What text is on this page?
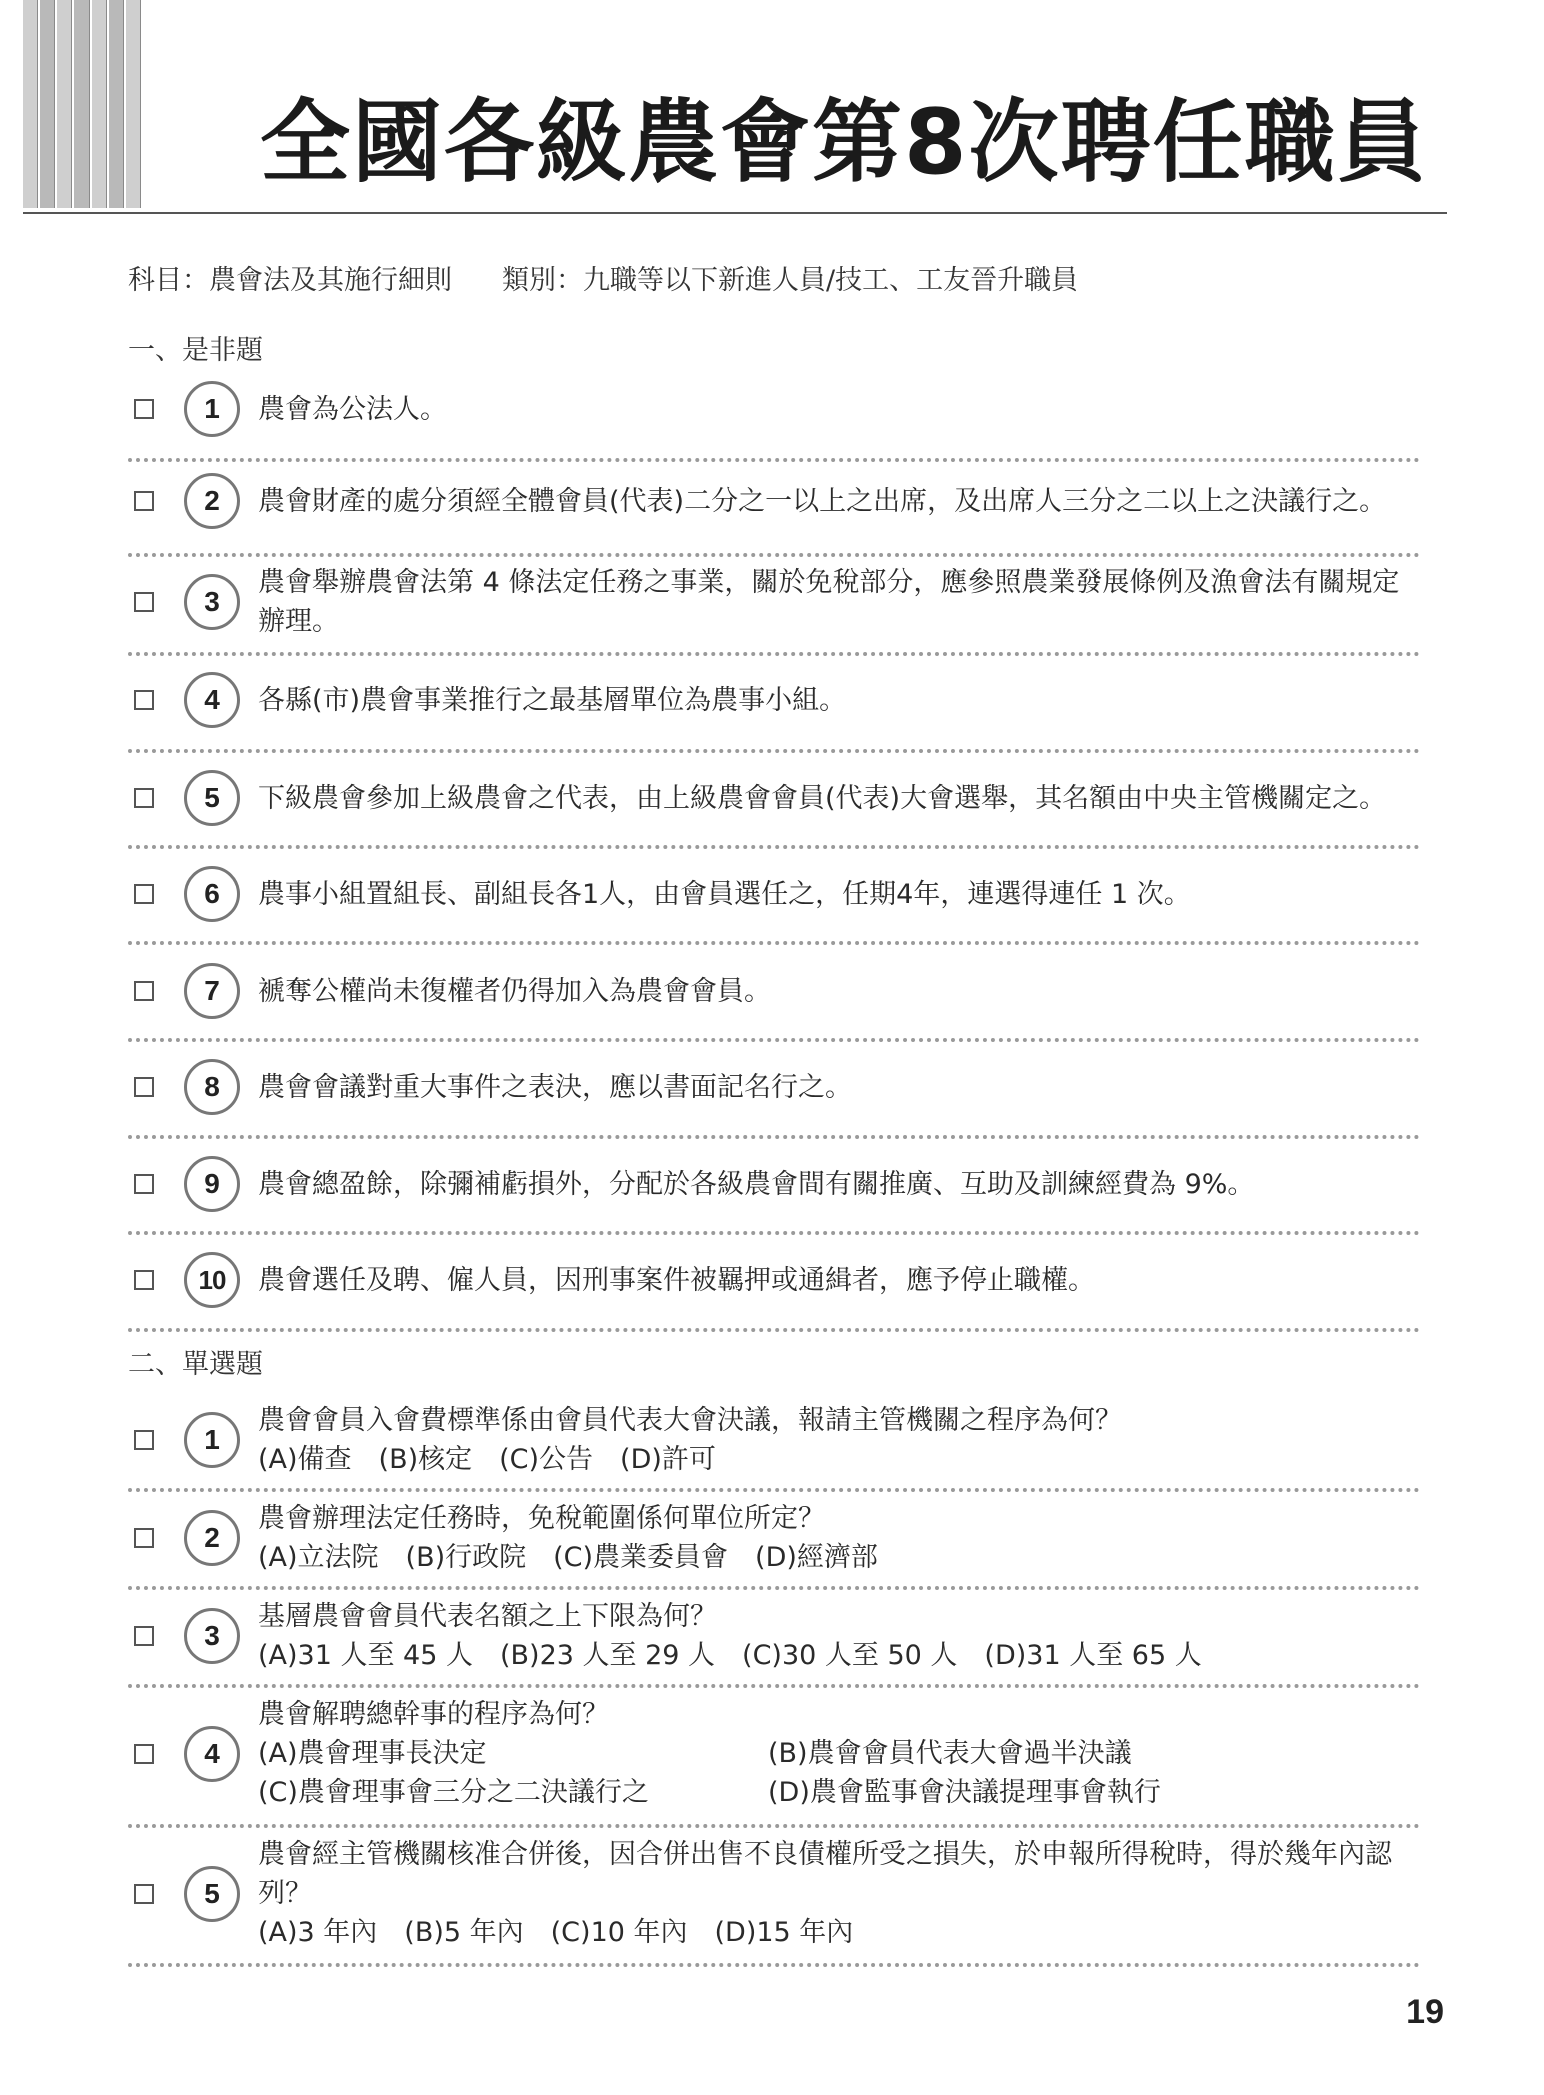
全國各級農會第8次聘任職員
科目：農會法及其施行細則 類別：九職等以下新進人員/技工、工友晉升職員
一、是非題
1	農會為公法人。
2	農會財產的處分須經全體會員(代表)二分之一以上之出席，及出席人三分之二以上之決議行之。
3
農會舉辦農會法第 4 條法定任務之事業，關於免稅部分，應參照農業發展條例及漁會法有關規定辦理。
4	各縣(市)農會事業推行之最基層單位為農事小組。
5	下級農會參加上級農會之代表，由上級農會會員(代表)大會選舉，其名額由中央主管機關定之。
6	農事小組置組長、副組長各1人，由會員選任之，任期4年，連選得連任 1 次。
7	褫奪公權尚未復權者仍得加入為農會會員。
8	農會會議對重大事件之表決，應以書面記名行之。
9	農會總盈餘，除彌補虧損外，分配於各級農會間有關推廣、互助及訓練經費為 9%。
10	農會選任及聘、僱人員，因刑事案件被羈押或通緝者，應予停止職權。
二、單選題
1
農會會員入會費標準係由會員代表大會決議，報請主管機關之程序為何？
(A)備查　(B)核定　(C)公告　(D)許可
2
農會辦理法定任務時，免稅範圍係何單位所定？
(A)立法院　(B)行政院　(C)農業委員會　(D)經濟部
3
基層農會會員代表名額之上下限為何？
(A)31 人至 45 人　(B)23 人至 29 人　(C)30 人至 50 人　(D)31 人至 65 人
4
農會解聘總幹事的程序為何？
(A)農會理事長決定	(B)農會會員代表大會過半決議
(C)農會理事會三分之二決議行之	(D)農會監事會決議提理事會執行
5
農會經主管機關核准合併後，因合併出售不良債權所受之損失，於申報所得稅時，得於幾年內認列？
(A)3 年內　(B)5 年內　(C)10 年內　(D)15 年內
19
